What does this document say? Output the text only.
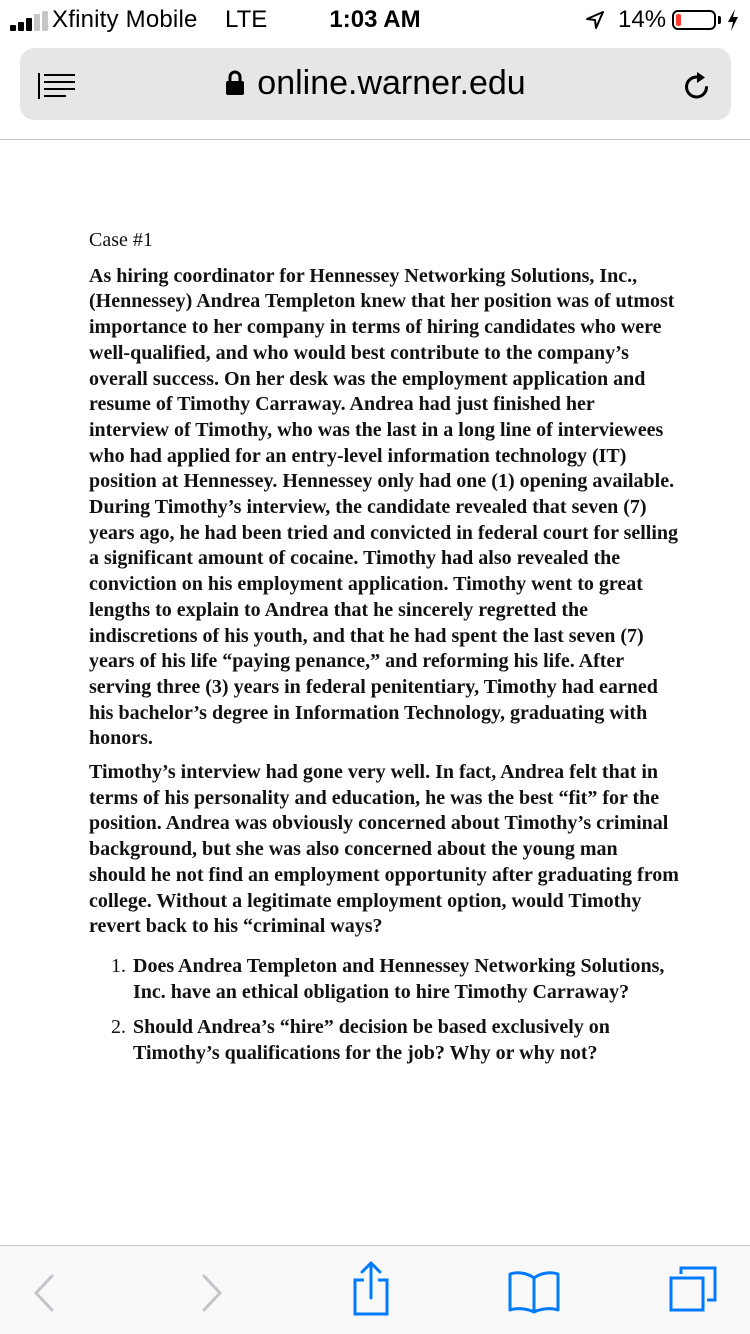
Xfinity Mobile LTE	1:03 AM	14%
online.warner.edu
Case #1

As hiring coordinator for Hennessey Networking Solutions, Inc., (Hennessey) Andrea Templeton knew that her position was of utmost importance to her company in terms of hiring candidates who were well-qualified, and who would best contribute to the company’s overall success. On her desk was the employment application and resume of Timothy Carraway. Andrea had just finished her interview of Timothy, who was the last in a long line of interviewees who had applied for an entry-level information technology (IT) position at Hennessey. Hennessey only had one (1) opening available. During Timothy’s interview, the candidate revealed that seven (7) years ago, he had been tried and convicted in federal court for selling a significant amount of cocaine. Timothy had also revealed the conviction on his employment application. Timothy went to great lengths to explain to Andrea that he sincerely regretted the indiscretions of his youth, and that he had spent the last seven (7) years of his life “paying penance,” and reforming his life. After serving three (3) years in federal penitentiary, Timothy had earned his bachelor’s degree in Information Technology, graduating with honors.

Timothy’s interview had gone very well. In fact, Andrea felt that in terms of his personality and education, he was the best “fit” for the position. Andrea was obviously concerned about Timothy’s criminal background, but she was also concerned about the young man should he not find an employment opportunity after graduating from college. Without a legitimate employment option, would Timothy revert back to his “criminal ways?

1. Does Andrea Templeton and Hennessey Networking Solutions, Inc. have an ethical obligation to hire Timothy Carraway?
2. Should Andrea’s “hire” decision be based exclusively on Timothy’s qualifications for the job? Why or why not?
